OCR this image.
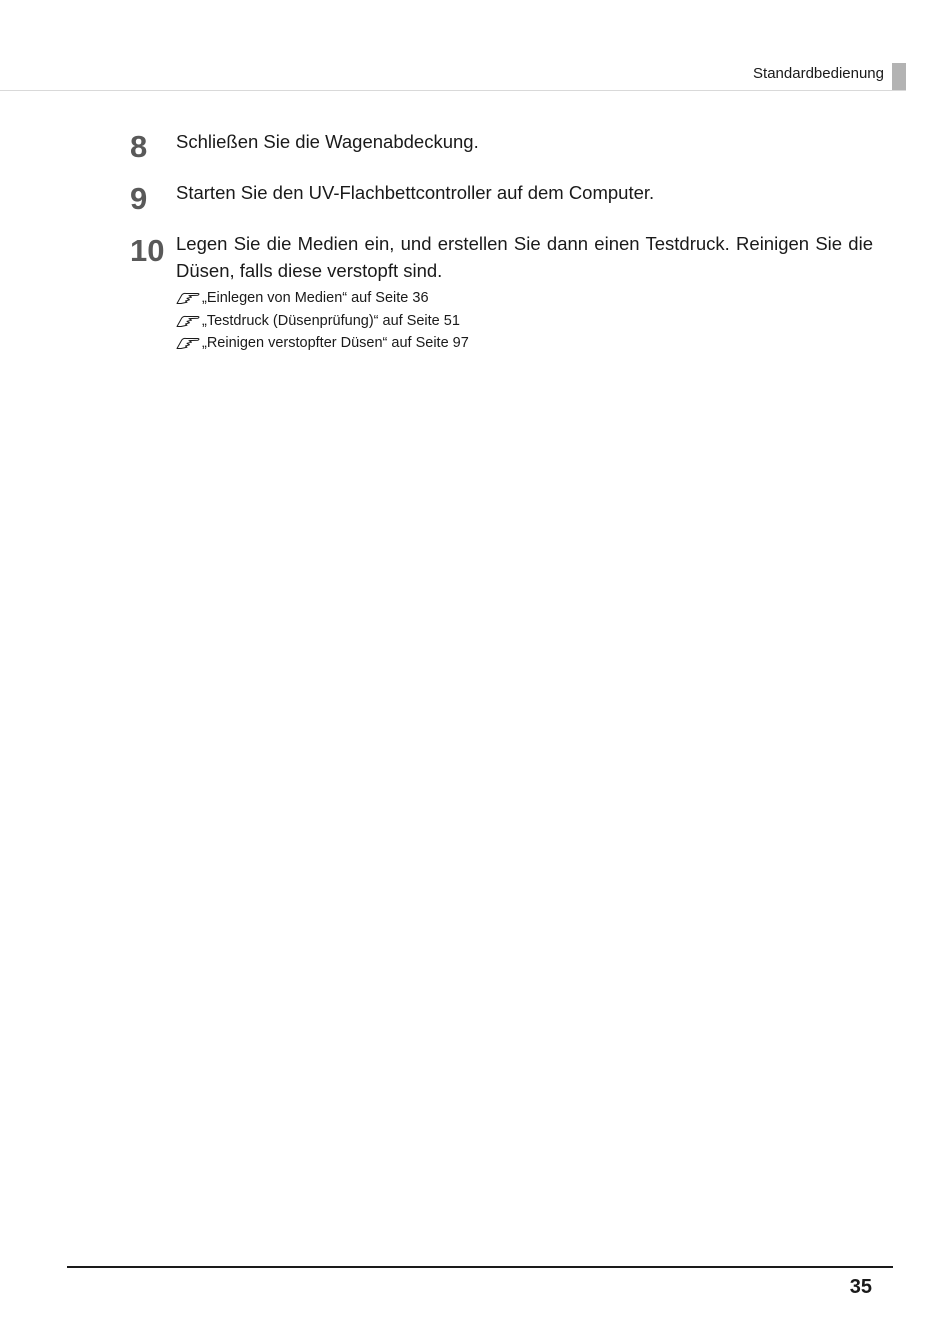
Standardbedienung
8 Schließen Sie die Wagenabdeckung.
9 Starten Sie den UV-Flachbettcontroller auf dem Computer.
10 Legen Sie die Medien ein, und erstellen Sie dann einen Testdruck. Reinigen Sie die Düsen, falls diese verstopft sind.
„Einlegen von Medien“ auf Seite 36
„Testdruck (Düsenprüfung)“ auf Seite 51
„Reinigen verstopfter Düsen“ auf Seite 97
35
